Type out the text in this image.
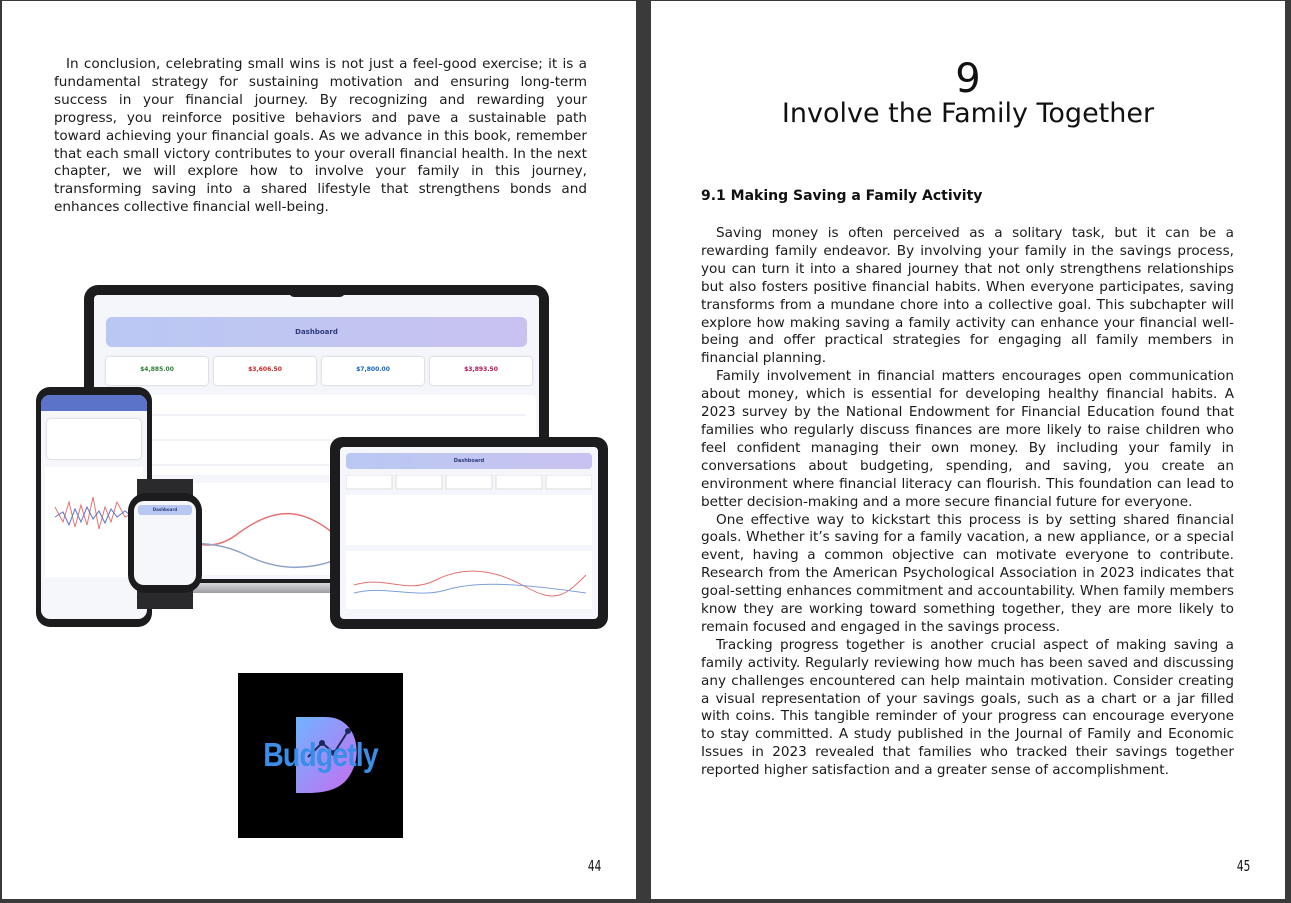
In conclusion, celebrating small wins is not just a feel-good exercise; it is a fundamental strategy for sustaining motivation and ensuring long-term success in your financial journey. By recognizing and rewarding your progress, you reinforce positive behaviors and pave a sustainable path toward achieving your financial goals. As we advance in this book, remember that each small victory contributes to your overall financial health. In the next chapter, we will explore how to involve your family in this journey, transforming saving into a shared lifestyle that strengthens bonds and enhances collective financial well-being.

Dashboard
$4,885.00	$3,606.50	$7,800.00	$3,893.50
Dashboard
Dashboard
Budgetly
44
9
Involve the Family Together
9.1 Making Saving a Family Activity

Saving money is often perceived as a solitary task, but it can be a rewarding family endeavor. By involving your family in the savings process, you can turn it into a shared journey that not only strengthens relationships but also fosters positive financial habits. When everyone participates, saving transforms from a mundane chore into a collective goal. This subchapter will explore how making saving a family activity can enhance your financial well-being and offer practical strategies for engaging all family members in financial planning.

Family involvement in financial matters encourages open communication about money, which is essential for developing healthy financial habits. A 2023 survey by the National Endowment for Financial Education found that families who regularly discuss finances are more likely to raise children who feel confident managing their own money. By including your family in conversations about budgeting, spending, and saving, you create an environment where financial literacy can flourish. This foundation can lead to better decision-making and a more secure financial future for everyone.

One effective way to kickstart this process is by setting shared financial goals. Whether it’s saving for a family vacation, a new appliance, or a special event, having a common objective can motivate everyone to contribute. Research from the American Psychological Association in 2023 indicates that goal-setting enhances commitment and accountability. When family members know they are working toward something together, they are more likely to remain focused and engaged in the savings process.

Tracking progress together is another crucial aspect of making saving a family activity. Regularly reviewing how much has been saved and discussing any challenges encountered can help maintain motivation. Consider creating a visual representation of your savings goals, such as a chart or a jar filled with coins. This tangible reminder of your progress can encourage everyone to stay committed. A study published in the Journal of Family and Economic Issues in 2023 revealed that families who tracked their savings together reported higher satisfaction and a greater sense of accomplishment.

45
